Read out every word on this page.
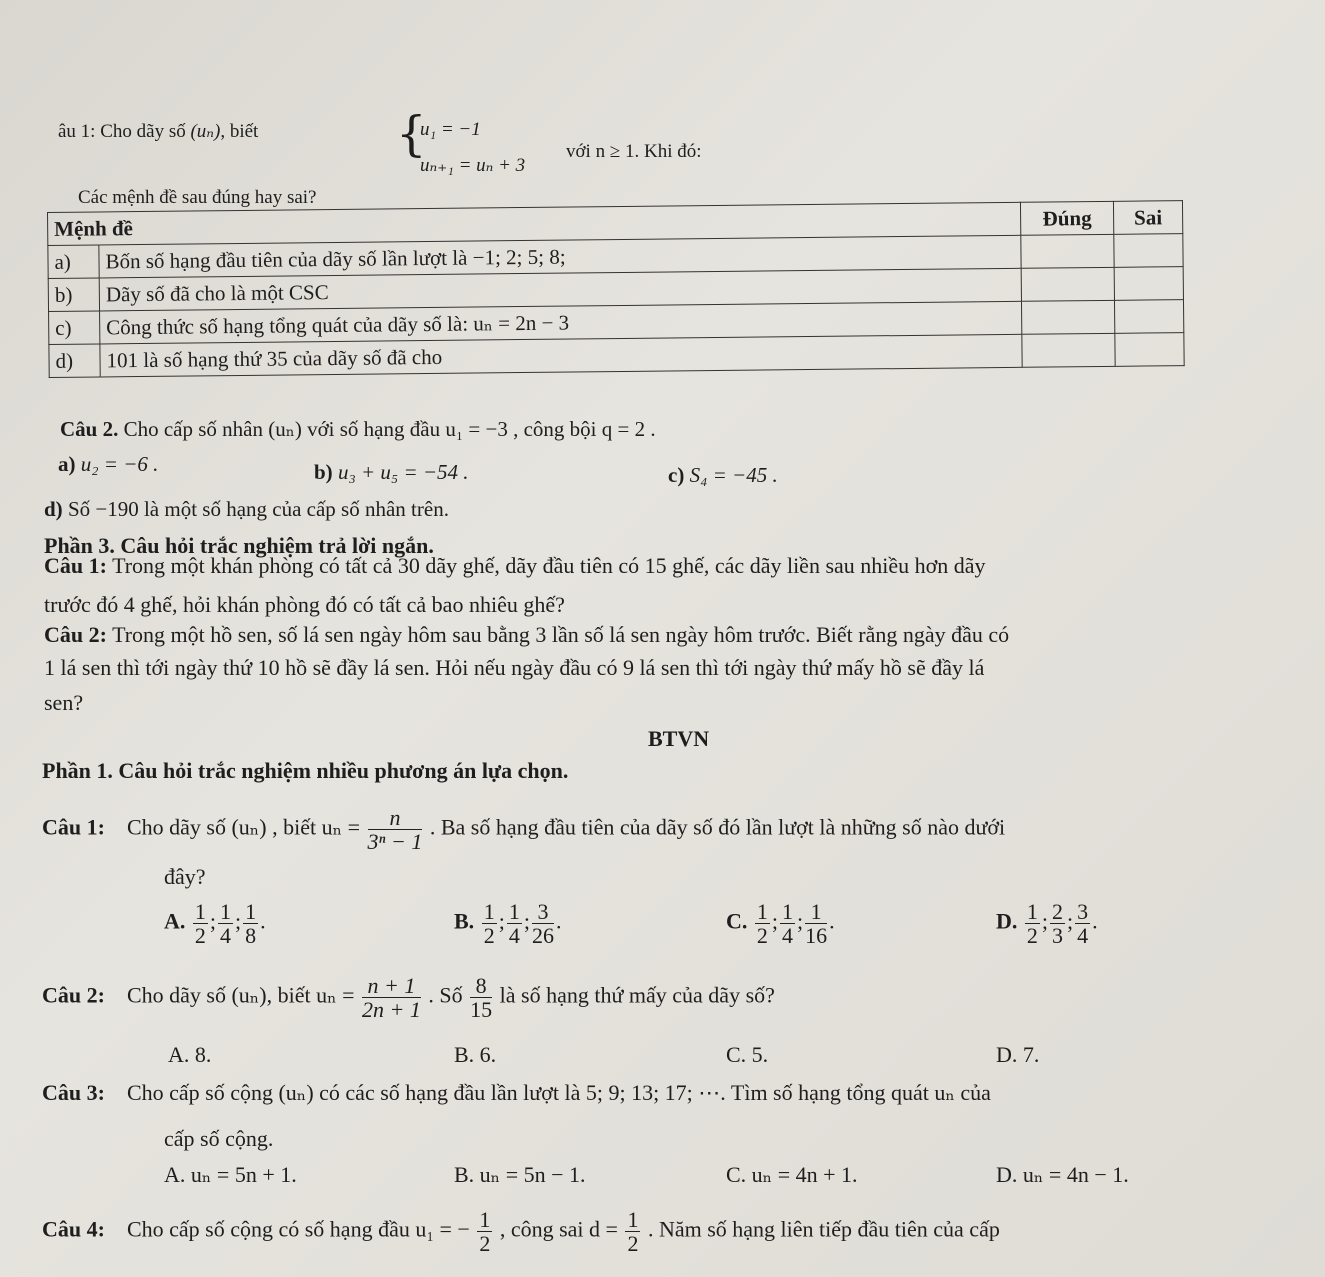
âu 1: Cho dãy số (uₙ), biết	{
u₁ = −1
uₙ₊₁ = uₙ + 3
với n ≥ 1. Khi đó:
Các mệnh đề sau đúng hay sai?
Mệnh đề		Đúng	Sai
a)	Bốn số hạng đầu tiên của dãy số lần lượt là −1; 2; 5; 8;		
b)	Dãy số đã cho là một CSC		
c)	Công thức số hạng tổng quát của dãy số là: uₙ = 2n − 3		
d)	101 là số hạng thứ 35 của dãy số đã cho		
Câu 2. Cho cấp số nhân (uₙ) với số hạng đầu u₁ = −3 , công bội q = 2 .
a) u₂ = −6 .	b) u₃ + u₅ = −54 .	c) S₄ = −45 .
d) Số −190 là một số hạng của cấp số nhân trên.
Phần 3. Câu hỏi trắc nghiệm trả lời ngắn.
Câu 1: Trong một khán phòng có tất cả 30 dãy ghế, dãy đầu tiên có 15 ghế, các dãy liền sau nhiều hơn dãy
trước đó 4 ghế, hỏi khán phòng đó có tất cả bao nhiêu ghế?
Câu 2: Trong một hồ sen, số lá sen ngày hôm sau bằng 3 lần số lá sen ngày hôm trước. Biết rằng ngày đầu có
1 lá sen thì tới ngày thứ 10 hồ sẽ đầy lá sen. Hỏi nếu ngày đầu có 9 lá sen thì tới ngày thứ mấy hồ sẽ đầy lá
sen?
BTVN
Phần 1. Câu hỏi trắc nghiệm nhiều phương án lựa chọn.
Câu 1: Cho dãy số (uₙ) , biết $u_n = \frac{n}{\text{3ⁿ − 1}}$ . Ba số hạng đầu tiên của dãy số đó lần lượt là những số nào dưới
đây?
A. $\frac{1}{2}$ ; $\frac{1}{4}$ ; $\frac{1}{8}$ .	B. $\frac{1}{2}$ ; $\frac{1}{4}$ ; $\frac{3}{26}$ .	C. $\frac{1}{2}$ ; $\frac{1}{4}$ ; $\frac{1}{16}$ .	D. $\frac{1}{2}$ ; $\frac{2}{3}$ ; $\frac{3}{4}$ .
Câu 2: Cho dãy số (uₙ), biết $u_n = \frac{n + 1}{2n + 1}$ . Số $\frac{8}{15}$ là số hạng thứ mấy của dãy số?
A. 8.	B. 6.	C. 5.	D. 7.
Câu 3: Cho cấp số cộng (uₙ) có các số hạng đầu lần lượt là 5; 9; 13; 17; ⋯. Tìm số hạng tổng quát uₙ của
cấp số cộng.
A. uₙ = 5n + 1.	B. uₙ = 5n − 1.	C. uₙ = 4n + 1.	D. uₙ = 4n − 1.
Câu 4: Cho cấp số cộng có số hạng đầu u₁ = − $\frac{1}{2}$ , công sai $d = \frac{1}{2}$ . Năm số hạng liên tiếp đầu tiên của cấp
